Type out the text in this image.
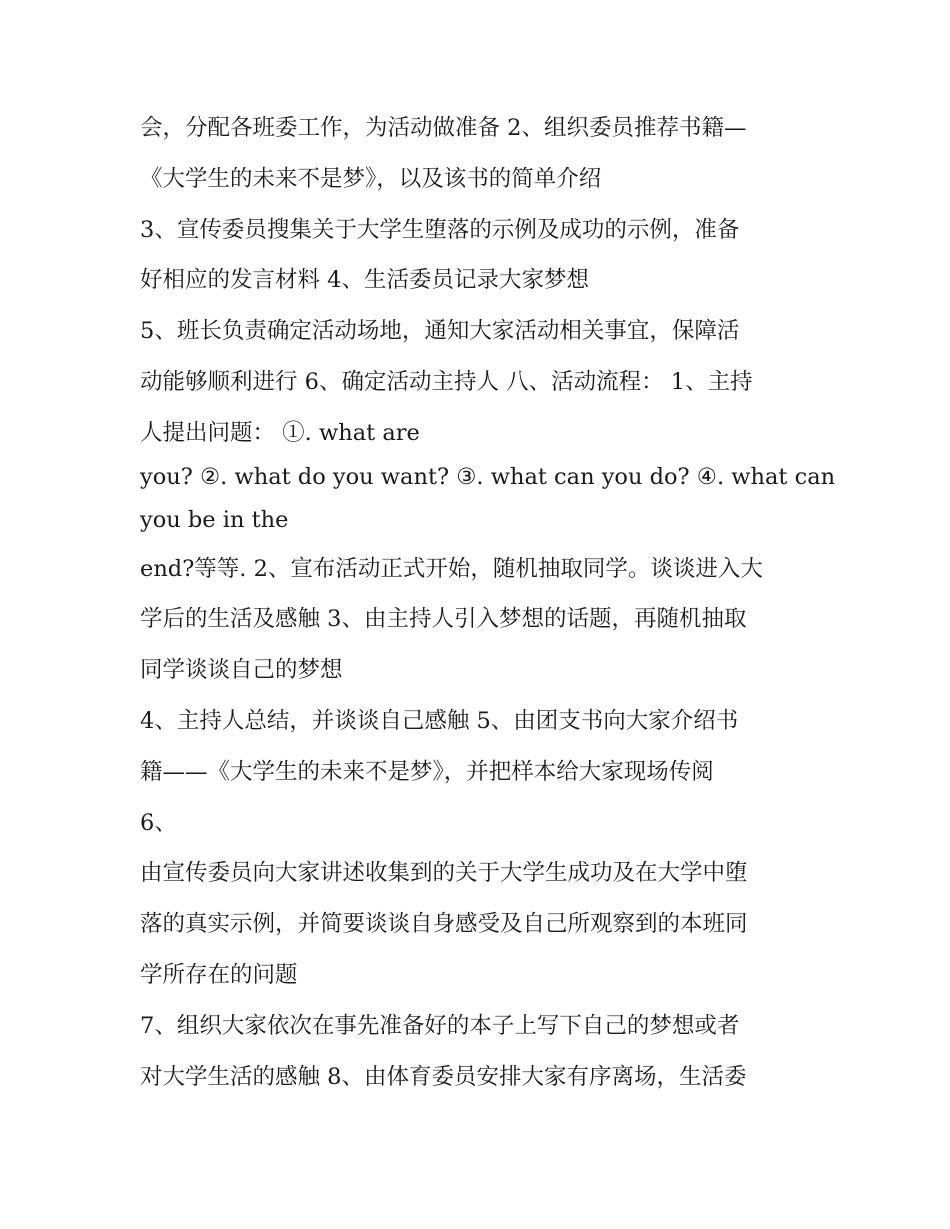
会，分配各班委工作，为活动做准备 2、组织委员推荐书籍—
《大学生的未来不是梦》，以及该书的简单介绍
3、宣传委员搜集关于大学生堕落的示例及成功的示例，准备
好相应的发言材料 4、生活委员记录大家梦想
5、班长负责确定活动场地，通知大家活动相关事宜，保障活
动能够顺利进行 6、确定活动主持人 八、活动流程： 1、主持
人提出问题： ①. what are
you? ②. what do you want? ③. what can you do? ④. what can
you be in the
end?等等. 2、宣布活动正式开始，随机抽取同学。谈谈进入大
学后的生活及感触 3、由主持人引入梦想的话题，再随机抽取
同学谈谈自己的梦想
4、主持人总结，并谈谈自己感触 5、由团支书向大家介绍书
籍——《大学生的未来不是梦》，并把样本给大家现场传阅
6、
由宣传委员向大家讲述收集到的关于大学生成功及在大学中堕
落的真实示例，并简要谈谈自身感受及自己所观察到的本班同
学所存在的问题
7、组织大家依次在事先准备好的本子上写下自己的梦想或者
对大学生活的感触 8、由体育委员安排大家有序离场，生活委
